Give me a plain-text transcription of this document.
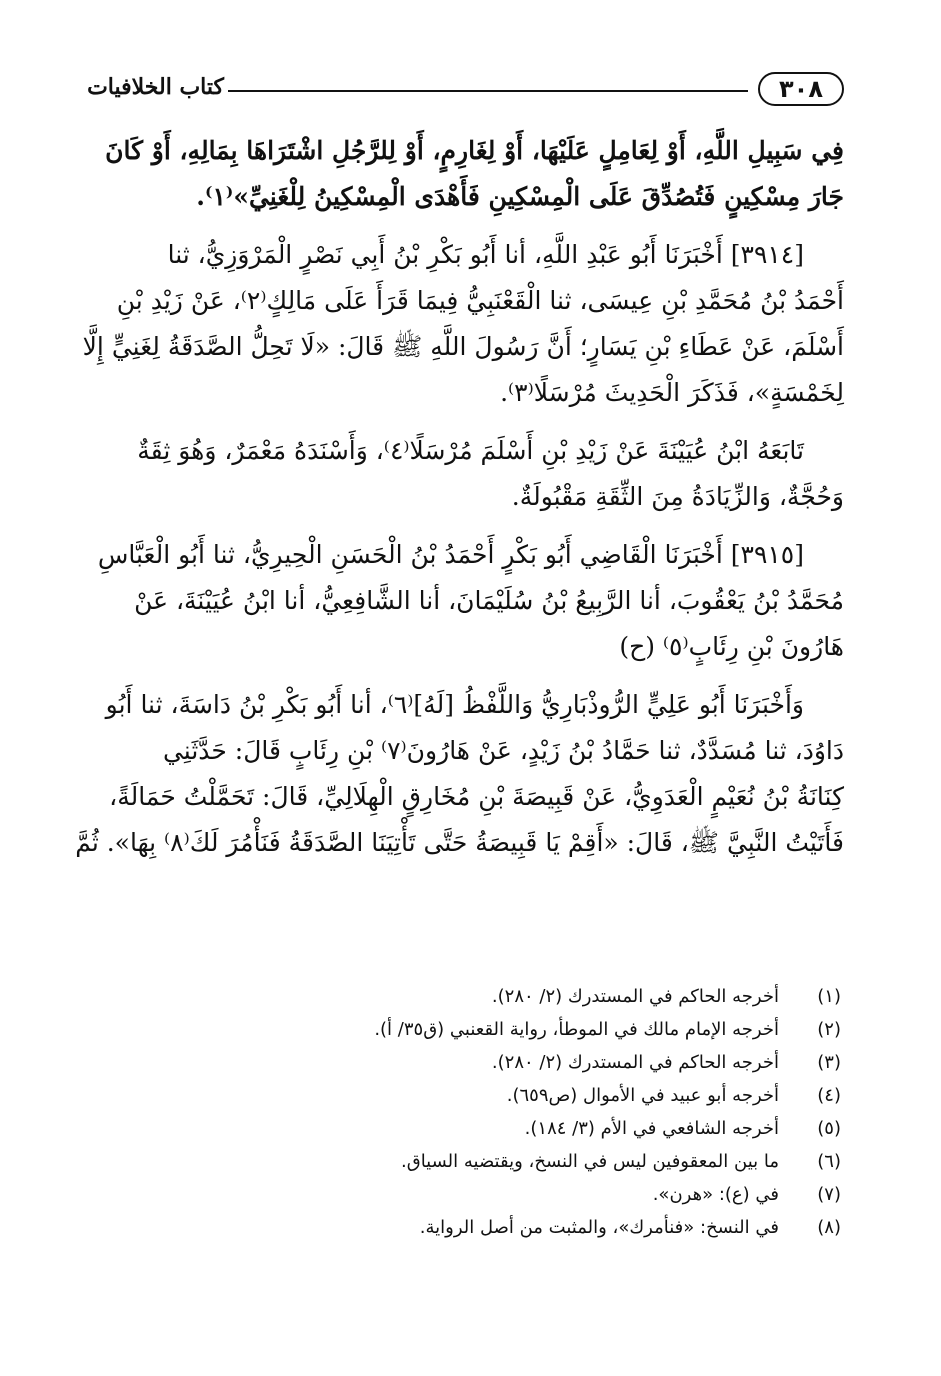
٣٠٨
كتاب الخلافيات
فِي سَبِيلِ اللَّهِ، أَوْ لِعَامِلٍ عَلَيْهَا، أَوْ لِغَارِمٍ، أَوْ لِلرَّجُلِ اشْتَرَاهَا بِمَالِهِ، أَوْ كَانَ
جَارَ مِسْكِينٍ فَتُصُدِّقَ عَلَى الْمِسْكِينِ فَأَهْدَى الْمِسْكِينُ لِلْغَنِيِّ»⁽١⁾.
[٣٩١٤] أَخْبَرَنَا أَبُو عَبْدِ اللَّهِ، أنا أَبُو بَكْرِ بْنُ أَبِي نَصْرٍ الْمَرْوَزِيُّ، ثنا
أَحْمَدُ بْنُ مُحَمَّدِ بْنِ عِيسَى، ثنا الْقَعْنَبِيُّ فِيمَا قَرَأَ عَلَى مَالِكٍ⁽٢⁾، عَنْ زَيْدِ بْنِ
أَسْلَمَ، عَنْ عَطَاءِ بْنِ يَسَارٍ؛ أَنَّ رَسُولَ اللَّهِ ﷺ قَالَ: «لَا تَحِلُّ الصَّدَقَةُ لِغَنِيٍّ إِلَّا
لِخَمْسَةٍ»، فَذَكَرَ الْحَدِيثَ مُرْسَلًا⁽٣⁾.
تَابَعَهُ ابْنُ عُيَيْنَةَ عَنْ زَيْدِ بْنِ أَسْلَمَ مُرْسَلًا⁽٤⁾، وَأَسْنَدَهُ مَعْمَرٌ، وَهُوَ ثِقَةٌ
وَحُجَّةٌ، وَالزِّيَادَةُ مِنَ الثِّقَةِ مَقْبُولَةٌ.
[٣٩١٥] أَخْبَرَنَا الْقَاضِي أَبُو بَكْرٍ أَحْمَدُ بْنُ الْحَسَنِ الْحِيرِيُّ، ثنا أَبُو الْعَبَّاسِ
مُحَمَّدُ بْنُ يَعْقُوبَ، أنا الرَّبِيعُ بْنُ سُلَيْمَانَ، أنا الشَّافِعِيُّ، أنا ابْنُ عُيَيْنَةَ، عَنْ
هَارُونَ بْنِ رِئَابٍ⁽٥⁾ (ح)
وَأَخْبَرَنَا أَبُو عَلِيٍّ الرُّوذْبَارِيُّ وَاللَّفْظُ [لَهُ]⁽٦⁾، أنا أَبُو بَكْرِ بْنُ دَاسَةَ، ثنا أَبُو
دَاوُدَ، ثنا مُسَدَّدٌ، ثنا حَمَّادُ بْنُ زَيْدٍ، عَنْ هَارُونَ⁽٧⁾ بْنِ رِئَابٍ قَالَ: حَدَّثَنِي
كِنَانَةُ بْنُ نُعَيْمٍ الْعَدَوِيُّ، عَنْ قَبِيصَةَ بْنِ مُخَارِقٍ الْهِلَالِيِّ، قَالَ: تَحَمَّلْتُ حَمَالَةً،
فَأَتَيْتُ النَّبِيَّ ﷺ، قَالَ: «أَقِمْ يَا قَبِيصَةُ حَتَّى تَأْتِيَنَا الصَّدَقَةُ فَنَأْمُرَ لَكَ⁽٨⁾ بِهَا». ثُمَّ
(١)
أخرجه الحاكم في المستدرك (٢/ ٢٨٠).
(٢)
أخرجه الإمام مالك في الموطأ، رواية القعنبي (ق٣٥/ أ).
(٣)
أخرجه الحاكم في المستدرك (٢/ ٢٨٠).
(٤)
أخرجه أبو عبيد في الأموال (ص٦٥٩).
(٥)
أخرجه الشافعي في الأم (٣/ ١٨٤).
(٦)
ما بين المعقوفين ليس في النسخ، ويقتضيه السياق.
(٧)
في (ع): «هرن».
(٨)
في النسخ: «فنأمرك»، والمثبت من أصل الرواية.
